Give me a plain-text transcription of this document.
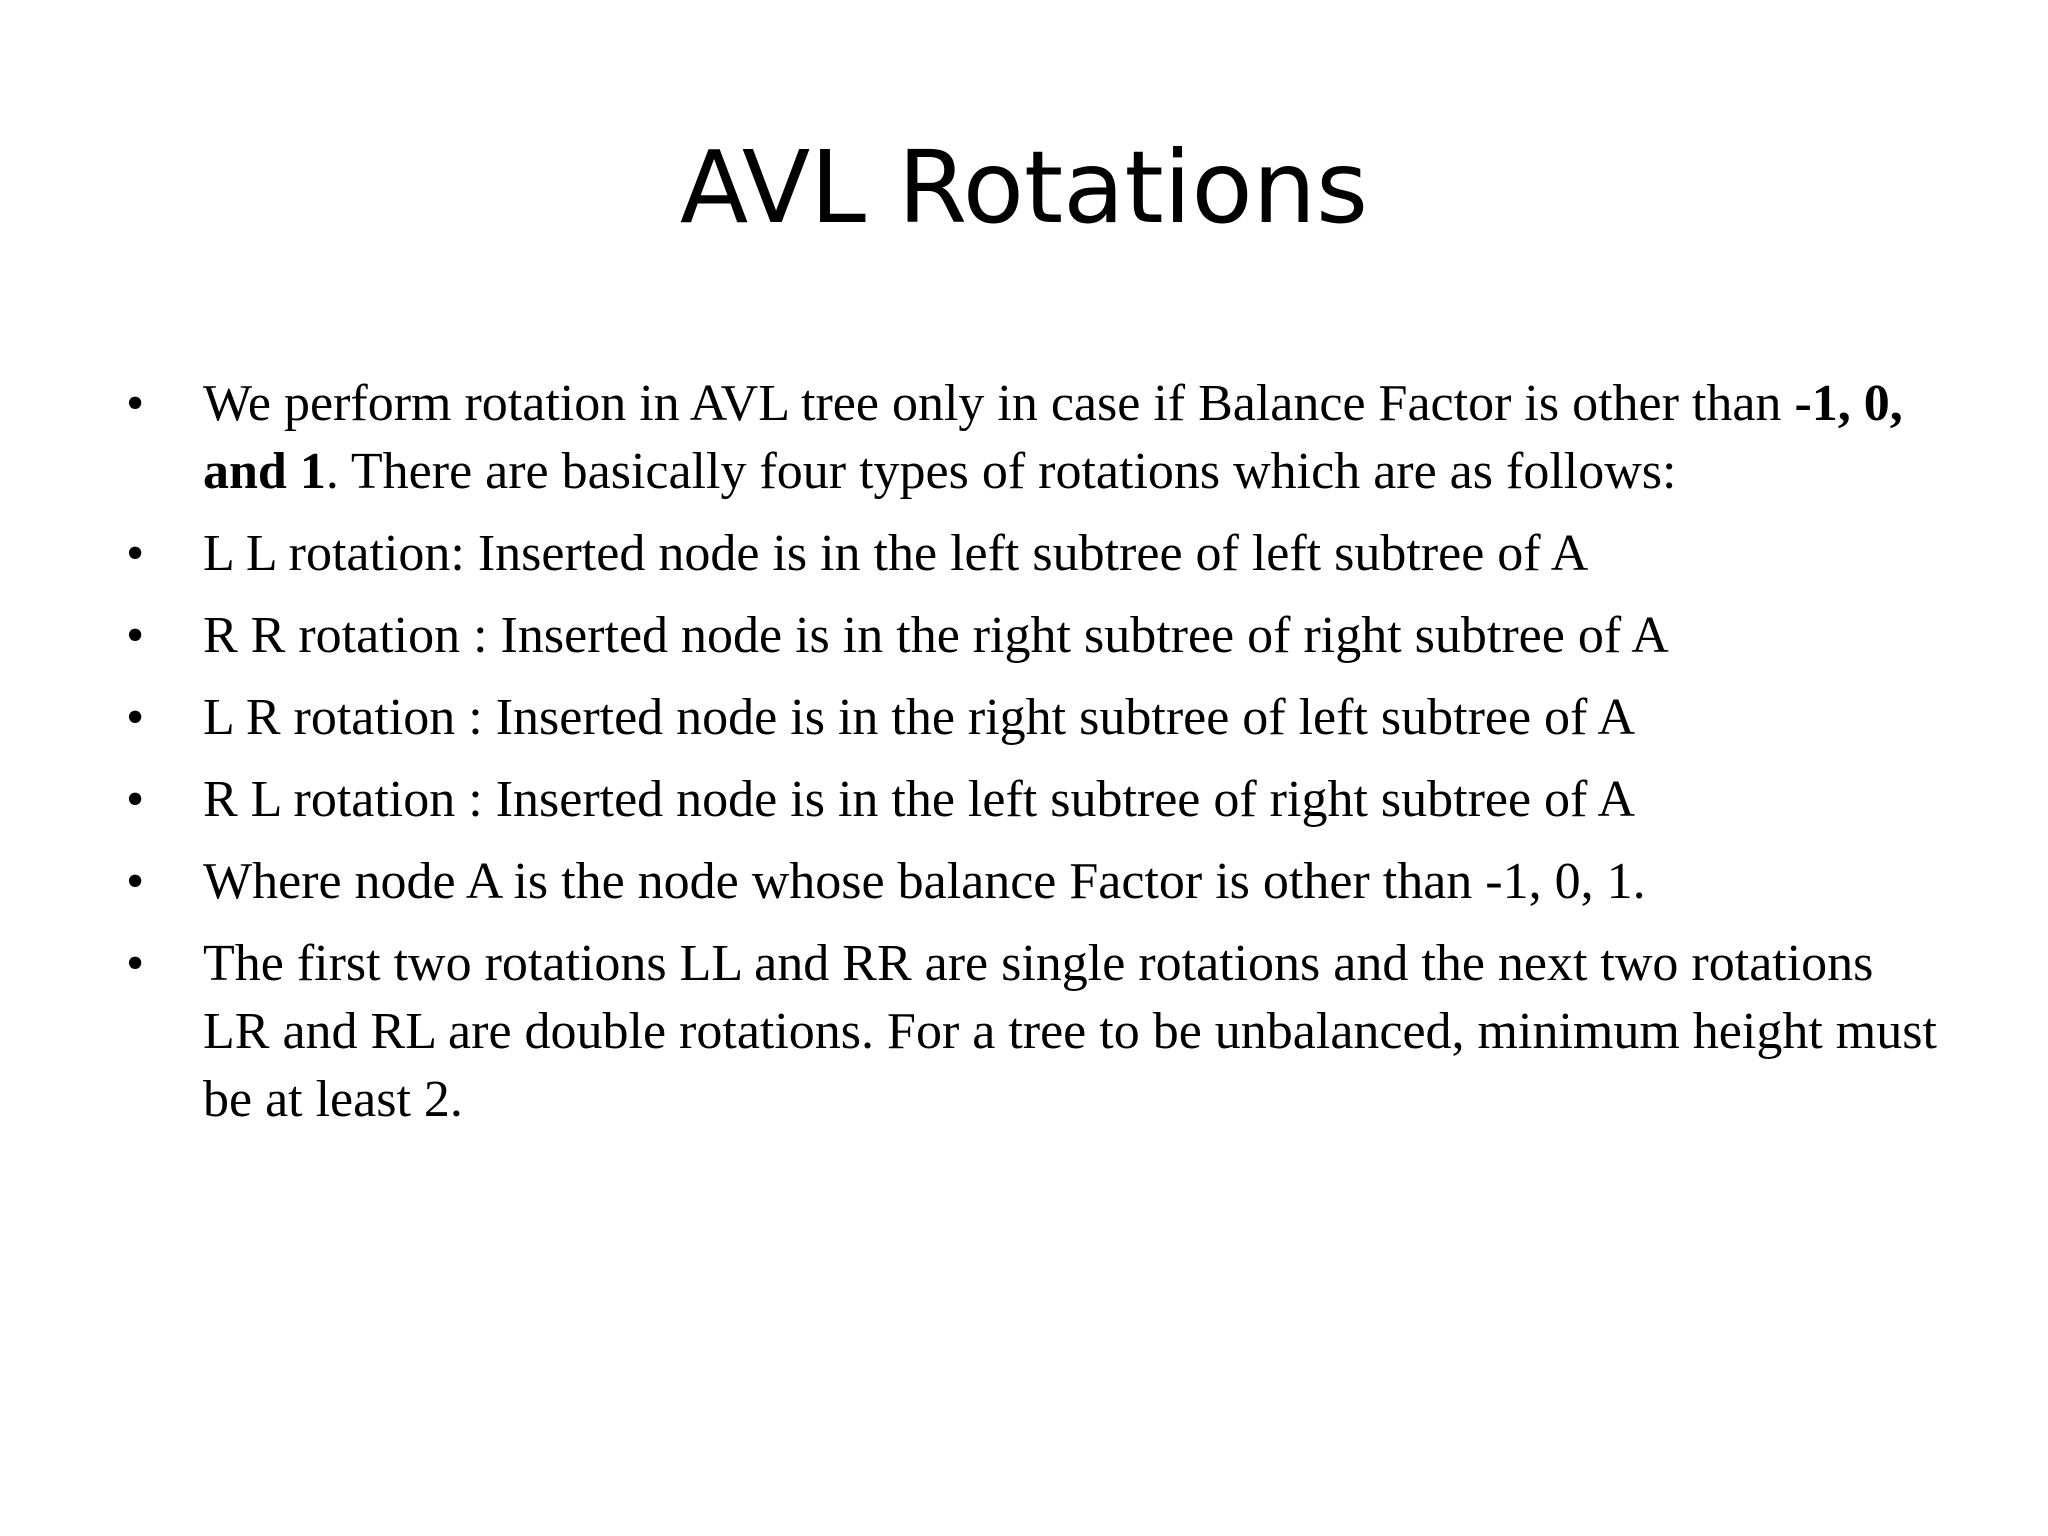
AVL Rotations
•	We perform rotation in AVL tree only in case if Balance Factor is other than -1, 0, and 1. There are basically four types of rotations which are as follows:
•	L L rotation: Inserted node is in the left subtree of left subtree of A
•	R R rotation : Inserted node is in the right subtree of right subtree of A
•	L R rotation : Inserted node is in the right subtree of left subtree of A
•	R L rotation : Inserted node is in the left subtree of right subtree of A
•	Where node A is the node whose balance Factor is other than -1, 0, 1.
•	The first two rotations LL and RR are single rotations and the next two rotations LR and RL are double rotations. For a tree to be unbalanced, minimum height must be at least 2.
